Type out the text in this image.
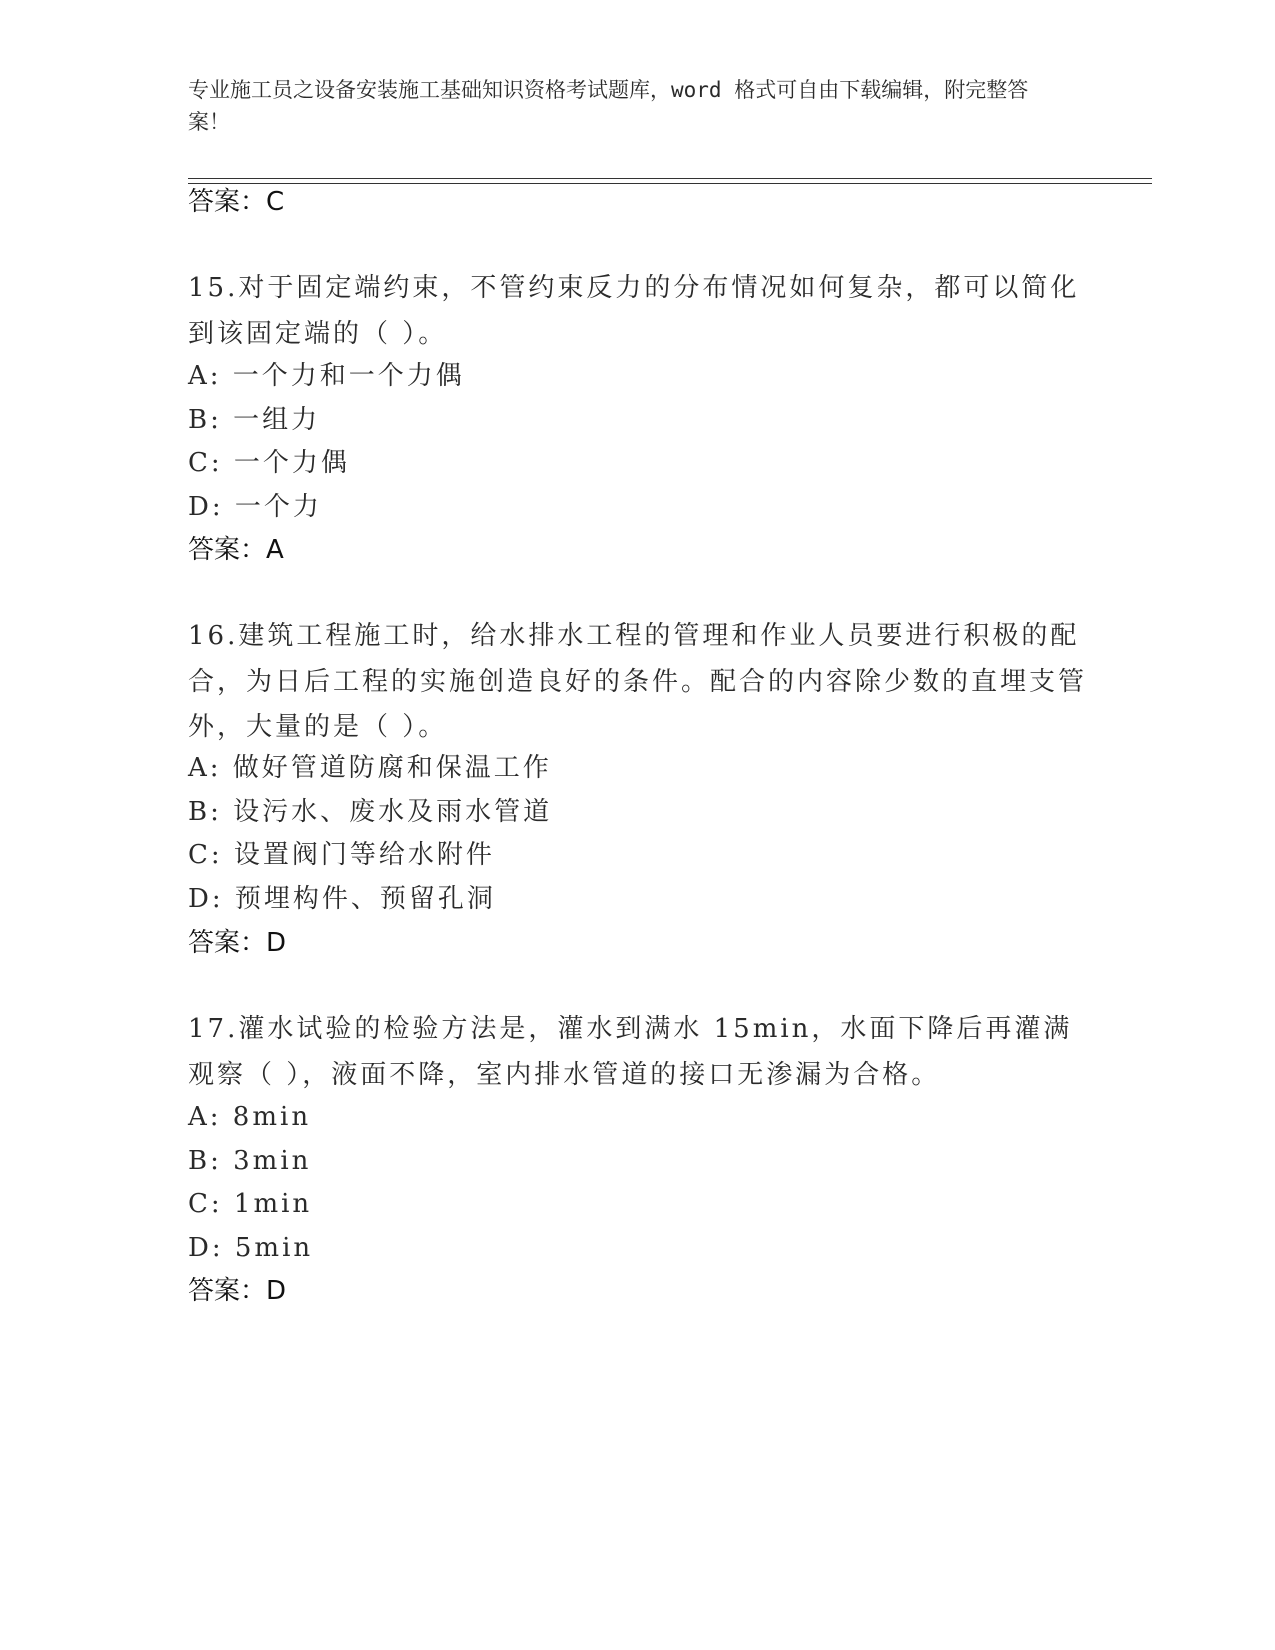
专业施工员之设备安装施工基础知识资格考试题库，word 格式可自由下载编辑，附完整答案！
答案：C
15.对于固定端约束，不管约束反力的分布情况如何复杂，都可以简化到该固定端的（ ）。
A: 一个力和一个力偶
B: 一组力
C: 一个力偶
D: 一个力
答案：A
16.建筑工程施工时，给水排水工程的管理和作业人员要进行积极的配合，为日后工程的实施创造良好的条件。配合的内容除少数的直埋支管外，大量的是（ ）。
A: 做好管道防腐和保温工作
B: 设污水、废水及雨水管道
C: 设置阀门等给水附件
D: 预埋构件、预留孔洞
答案：D
17.灌水试验的检验方法是，灌水到满水 15min，水面下降后再灌满观察（ ），液面不降，室内排水管道的接口无渗漏为合格。
A: 8min
B: 3min
C: 1min
D: 5min
答案：D
